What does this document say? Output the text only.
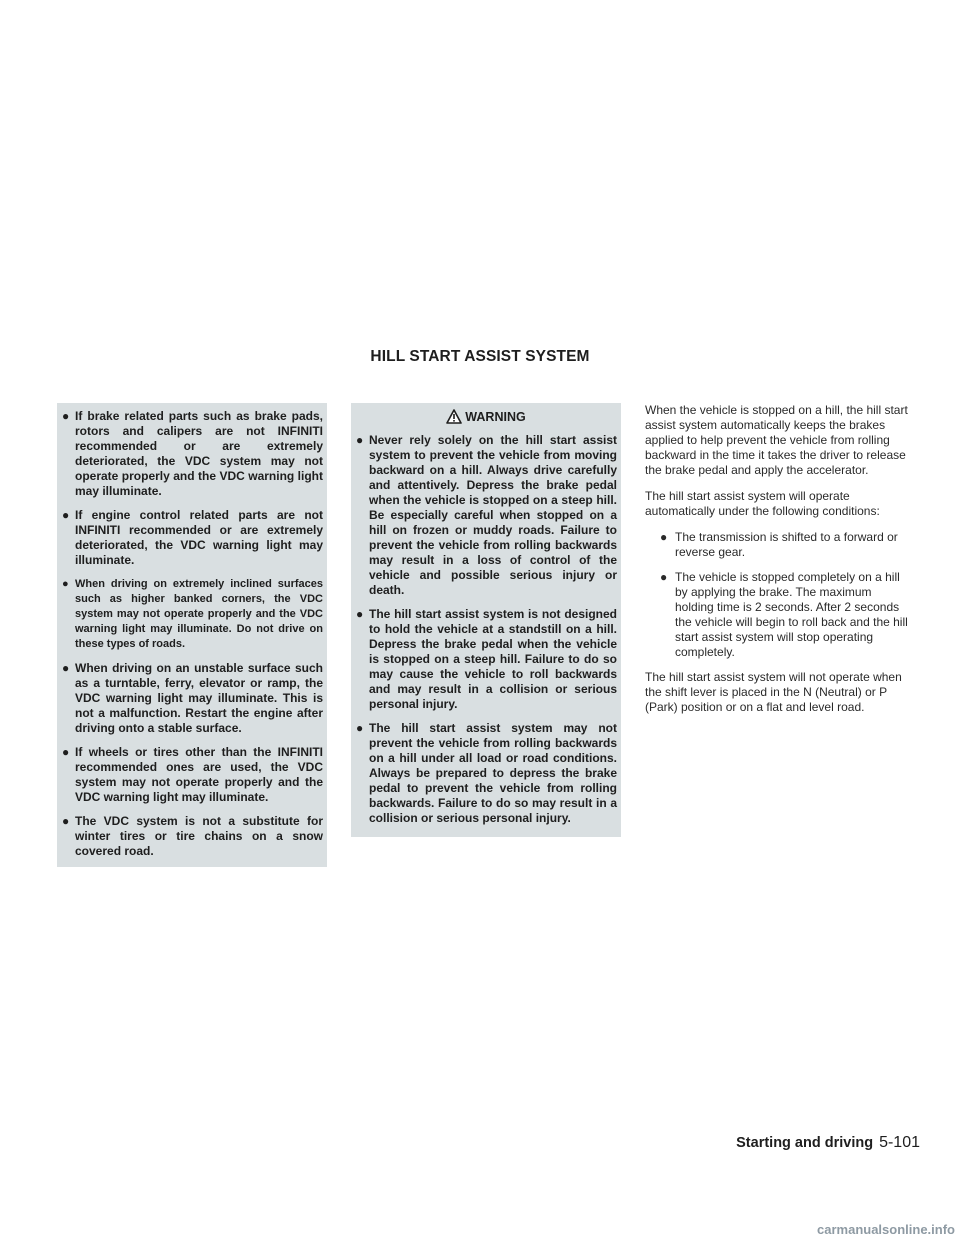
HILL START ASSIST SYSTEM
● If brake related parts such as brake pads, rotors and calipers are not INFINITI recommended or are extremely deteriorated, the VDC system may not operate properly and the VDC warning light may illuminate.
● If engine control related parts are not INFINITI recommended or are extremely deteriorated, the VDC warning light may illuminate.
● When driving on extremely inclined surfaces such as higher banked corners, the VDC system may not operate properly and the VDC warning light may illuminate. Do not drive on these types of roads.
● When driving on an unstable surface such as a turntable, ferry, elevator or ramp, the VDC warning light may illuminate. This is not a malfunction. Restart the engine after driving onto a stable surface.
● If wheels or tires other than the INFINITI recommended ones are used, the VDC system may not operate properly and the VDC warning light may illuminate.
● The VDC system is not a substitute for winter tires or tire chains on a snow covered road.
WARNING
● Never rely solely on the hill start assist system to prevent the vehicle from moving backward on a hill. Always drive carefully and attentively. Depress the brake pedal when the vehicle is stopped on a steep hill. Be especially careful when stopped on a hill on frozen or muddy roads. Failure to prevent the vehicle from rolling backwards may result in a loss of control of the vehicle and possible serious injury or death.
● The hill start assist system is not designed to hold the vehicle at a standstill on a hill. Depress the brake pedal when the vehicle is stopped on a steep hill. Failure to do so may cause the vehicle to roll backwards and may result in a collision or serious personal injury.
● The hill start assist system may not prevent the vehicle from rolling backwards on a hill under all load or road conditions. Always be prepared to depress the brake pedal to prevent the vehicle from rolling backwards. Failure to do so may result in a collision or serious personal injury.

When the vehicle is stopped on a hill, the hill start assist system automatically keeps the brakes applied to help prevent the vehicle from rolling backward in the time it takes the driver to release the brake pedal and apply the accelerator.

The hill start assist system will operate automatically under the following conditions:

● The transmission is shifted to a forward or reverse gear.
● The vehicle is stopped completely on a hill by applying the brake. The maximum holding time is 2 seconds. After 2 seconds the vehicle will begin to roll back and the hill start assist system will stop operating completely.

The hill start assist system will not operate when the shift lever is placed in the N (Neutral) or P (Park) position or on a flat and level road.

Starting and driving 5-101
carmanualsonline.info
